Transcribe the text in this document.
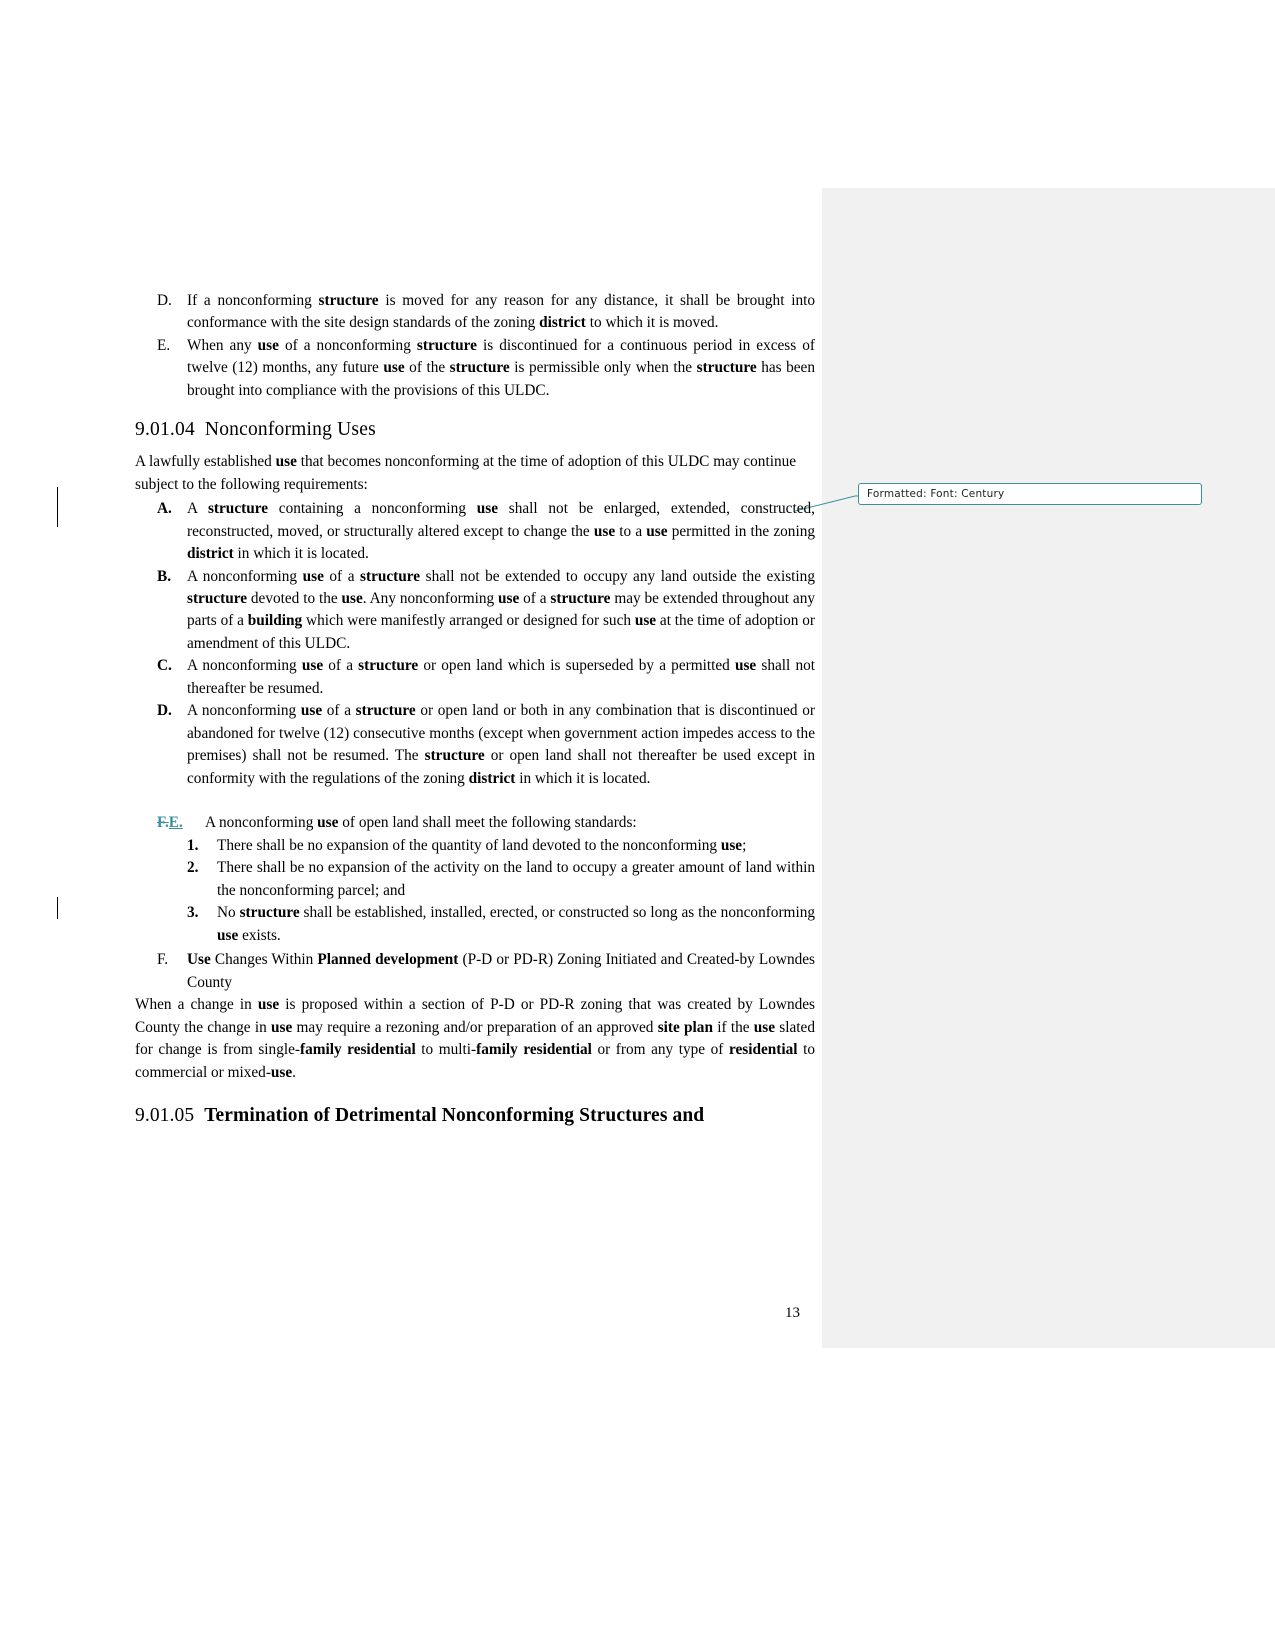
Formatted: Font: Century
D. If a nonconforming structure is moved for any reason for any distance, it shall be brought into conformance with the site design standards of the zoning district to which it is moved.
E.	When any use of a nonconforming structure is discontinued for a continuous period in excess of twelve (12) months, any future use of the structure is permissible only when the structure has been brought into compliance with the provisions of this ULDC.
9.01.04 Nonconforming Uses
A lawfully established use that becomes nonconforming at the time of adoption of this ULDC may continue subject to the following requirements:
A. A structure containing a nonconforming use shall not be enlarged, extended, constructed, reconstructed, moved, or structurally altered except to change the use to a use permitted in the zoning district in which it is located.
B.	A nonconforming use of a structure shall not be extended to occupy any land outside the existing structure devoted to the use. Any nonconforming use of a structure may be extended throughout any parts of a building which were manifestly arranged or designed for such use at the time of adoption or amendment of this ULDC.
C. A nonconforming use of a structure or open land which is superseded by a permitted use shall not thereafter be resumed.
D. A nonconforming use of a structure or open land or both in any combination that is discontinued or abandoned for twelve (12) consecutive months (except when government action impedes access to the premises) shall not be resumed. The structure or open land shall not thereafter be used except in conformity with the regulations of the zoning district in which it is located.
F.E.	A nonconforming use of open land shall meet the following standards:
1.	There shall be no expansion of the quantity of land devoted to the nonconforming use;
2.	There shall be no expansion of the activity on the land to occupy a greater amount of land within the nonconforming parcel; and
3.	No structure shall be established, installed, erected, or constructed so long as the nonconforming use exists.
F. Use Changes Within Planned development (P-D or PD-R) Zoning Initiated and Created-by Lowndes County
When a change in use is proposed within a section of P-D or PD-R zoning that was created by Lowndes County the change in use may require a rezoning and/or preparation of an approved site plan if the use slated for change is from single-family residential to multi-family residential or from any type of residential to commercial or mixed-use.
9.01.05 Termination of Detrimental Nonconforming Structures and
13
